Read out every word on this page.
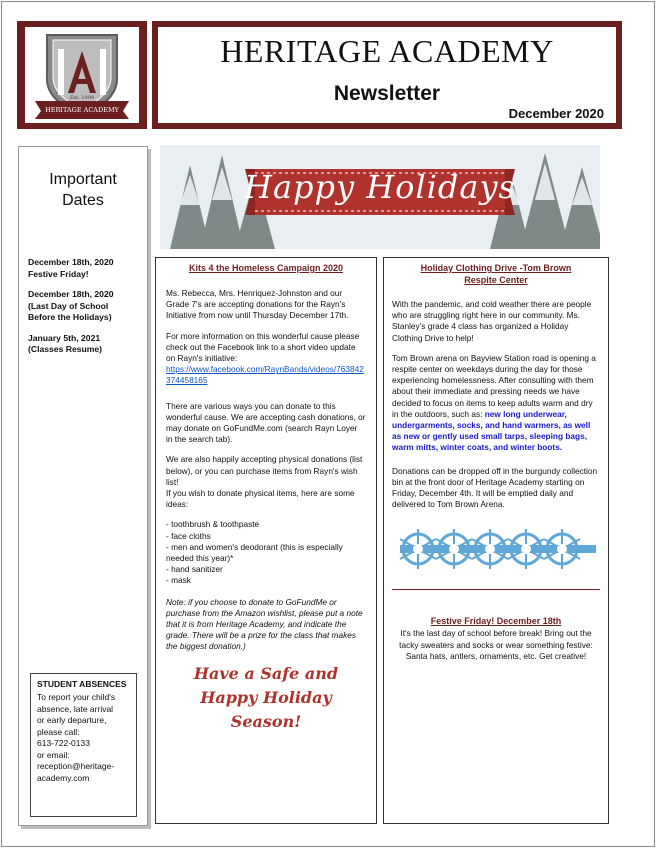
Est. 1999
HERITAGE ACADEMY
HERITAGE ACADEMY
Newsletter
December 2020
Important
Dates
December 18th, 2020
Festive Friday!
December 18th, 2020
(Last Day of School
Before the Holidays)
January 5th, 2021
(Classes Resume)
STUDENT ABSENCES
To report your child's
absence, late arrival
or early departure,
please call:
613-722-0133
or email:
reception@heritage-
academy.com
Happy Holidays
Kits 4 the Homeless Campaign 2020

Ms. Rebecca, Mrs. Henriquez-Johnston and our Grade 7's are accepting donations for the Rayn's Initiative from now until Thursday December 17th.

For more information on this wonderful cause please check out the Facebook link to a short video update on Rayn's initiative:

https://www.facebook.com/RaynBands/videos/763842374458165

There are various ways you can donate to this wonderful cause. We are accepting cash donations, or may donate on GoFundMe.com (search Rayn Loyer in the search tab).

We are also happily accepting physical donations (list below), or you can purchase items from Rayn's wish list!

If you wish to donate physical items, here are some ideas:

- toothbrush & toothpaste
- face cloths
- men and women's deodorant (this is especially needed this year)*
- hand sanitizer
- mask

Note: if you choose to donate to GoFundMe or purchase from the Amazon wishlist, please put a note that it is from Heritage Academy, and indicate the grade. There will be a prize for the class that makes the biggest donation.)

Have a Safe and
Happy Holiday
Season!
Holiday Clothing Drive -Tom Brown Respite Center

With the pandemic, and cold weather there are people who are struggling right here in our community. Ms. Stanley's grade 4 class has organized a Holiday Clothing Drive to help!

Tom Brown arena on Bayview Station road is opening a respite center on weekdays during the day for those experiencing homelessness. After consulting with them about their immediate and pressing needs we have decided to focus on items to keep adults warm and dry in the outdoors, such as: new long underwear, undergarments, socks, and hand warmers, as well as new or gently used small tarps, sleeping bags, warm mitts, winter coats, and winter boots.

Donations can be dropped off in the burgundy collection bin at the front door of Heritage Academy starting on Friday, December 4th. It will be emptied daily and delivered to Tom Brown Arena.

Festive Friday! December 18th
It's the last day of school before break! Bring out the tacky sweaters and socks or wear something festive: Santa hats, antlers, ornaments, etc. Get creative!
